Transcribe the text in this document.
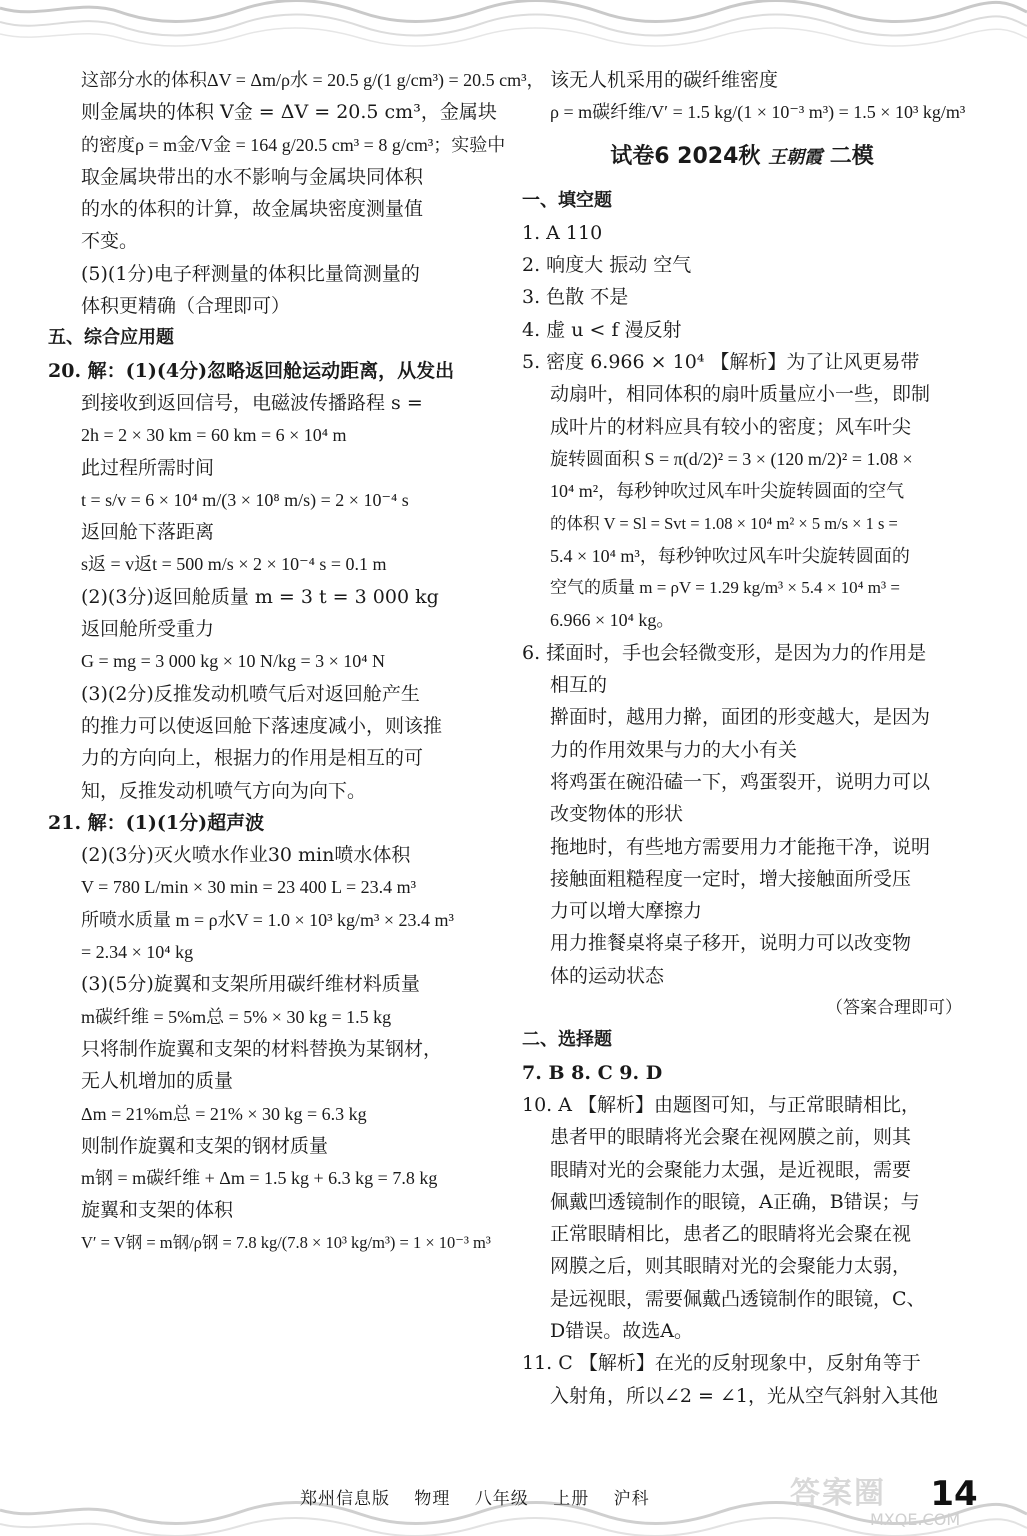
这部分水的体积ΔV = Δm/ρ水 = 20.5 g/(1 g/cm³) = 20.5 cm³，
则金属块的体积 V金 = ΔV = 20.5 cm³，金属块
的密度ρ = m金/V金 = 164 g/20.5 cm³ = 8 g/cm³；实验中
取金属块带出的水不影响与金属块同体积
的水的体积的计算，故金属块密度测量值
不变。
(5)(1分)电子秤测量的体积比量筒测量的
体积更精确（合理即可）
五、综合应用题
20. 解：(1)(4分)忽略返回舱运动距离，从发出
到接收到返回信号，电磁波传播路程 s =
2h = 2 × 30 km = 60 km = 6 × 10⁴ m
此过程所需时间
t = s/v = 6 × 10⁴ m/(3 × 10⁸ m/s) = 2 × 10⁻⁴ s
返回舱下落距离
s返 = v返t = 500 m/s × 2 × 10⁻⁴ s = 0.1 m
(2)(3分)返回舱质量 m = 3 t = 3 000 kg
返回舱所受重力
G = mg = 3 000 kg × 10 N/kg = 3 × 10⁴ N
(3)(2分)反推发动机喷气后对返回舱产生
的推力可以使返回舱下落速度减小，则该推
力的方向向上，根据力的作用是相互的可
知，反推发动机喷气方向为向下。
21. 解：(1)(1分)超声波
(2)(3分)灭火喷水作业30 min喷水体积
V = 780 L/min × 30 min = 23 400 L = 23.4 m³
所喷水质量 m = ρ水V = 1.0 × 10³ kg/m³ × 23.4 m³
= 2.34 × 10⁴ kg
(3)(5分)旋翼和支架所用碳纤维材料质量
m碳纤维 = 5%m总 = 5% × 30 kg = 1.5 kg
只将制作旋翼和支架的材料替换为某钢材，
无人机增加的质量
Δm = 21%m总 = 21% × 30 kg = 6.3 kg
则制作旋翼和支架的钢材质量
m钢 = m碳纤维 + Δm = 1.5 kg + 6.3 kg = 7.8 kg
旋翼和支架的体积
V′ = V钢 = m钢/ρ钢 = 7.8 kg/(7.8 × 10³ kg/m³) = 1 × 10⁻³ m³
该无人机采用的碳纤维密度
ρ = m碳纤维/V′ = 1.5 kg/(1 × 10⁻³ m³) = 1.5 × 10³ kg/m³
试卷6 2024秋 王朝霞 二模
一、填空题
1. A 110
2. 响度大 振动 空气
3. 色散 不是
4. 虚 u < f 漫反射
5. 密度 6.966 × 10⁴ 【解析】为了让风更易带
动扇叶，相同体积的扇叶质量应小一些，即制
成叶片的材料应具有较小的密度；风车叶尖
旋转圆面积 S = π(d/2)² = 3 × (120 m/2)² = 1.08 ×
10⁴ m²，每秒钟吹过风车叶尖旋转圆面的空气
的体积 V = Sl = Svt = 1.08 × 10⁴ m² × 5 m/s × 1 s =
5.4 × 10⁴ m³，每秒钟吹过风车叶尖旋转圆面的
空气的质量 m = ρV = 1.29 kg/m³ × 5.4 × 10⁴ m³ =
6.966 × 10⁴ kg。
6. 揉面时，手也会轻微变形，是因为力的作用是
相互的
擀面时，越用力擀，面团的形变越大，是因为
力的作用效果与力的大小有关
将鸡蛋在碗沿磕一下，鸡蛋裂开，说明力可以
改变物体的形状
拖地时，有些地方需要用力才能拖干净，说明
接触面粗糙程度一定时，增大接触面所受压
力可以增大摩擦力
用力推餐桌将桌子移开，说明力可以改变物
体的运动状态
（答案合理即可）
二、选择题
7. B 8. C 9. D
10. A 【解析】由题图可知，与正常眼睛相比，
患者甲的眼睛将光会聚在视网膜之前，则其
眼睛对光的会聚能力太强，是近视眼，需要
佩戴凹透镜制作的眼镜，A正确，B错误；与
正常眼睛相比，患者乙的眼睛将光会聚在视
网膜之后，则其眼睛对光的会聚能力太弱，
是远视眼，需要佩戴凸透镜制作的眼镜，C、
D错误。故选A。
11. C 【解析】在光的反射现象中，反射角等于
入射角，所以∠2 = ∠1，光从空气斜射入其他
郑州信息版 物理 八年级 上册 沪科	答案圈
MXQE.COM
14
